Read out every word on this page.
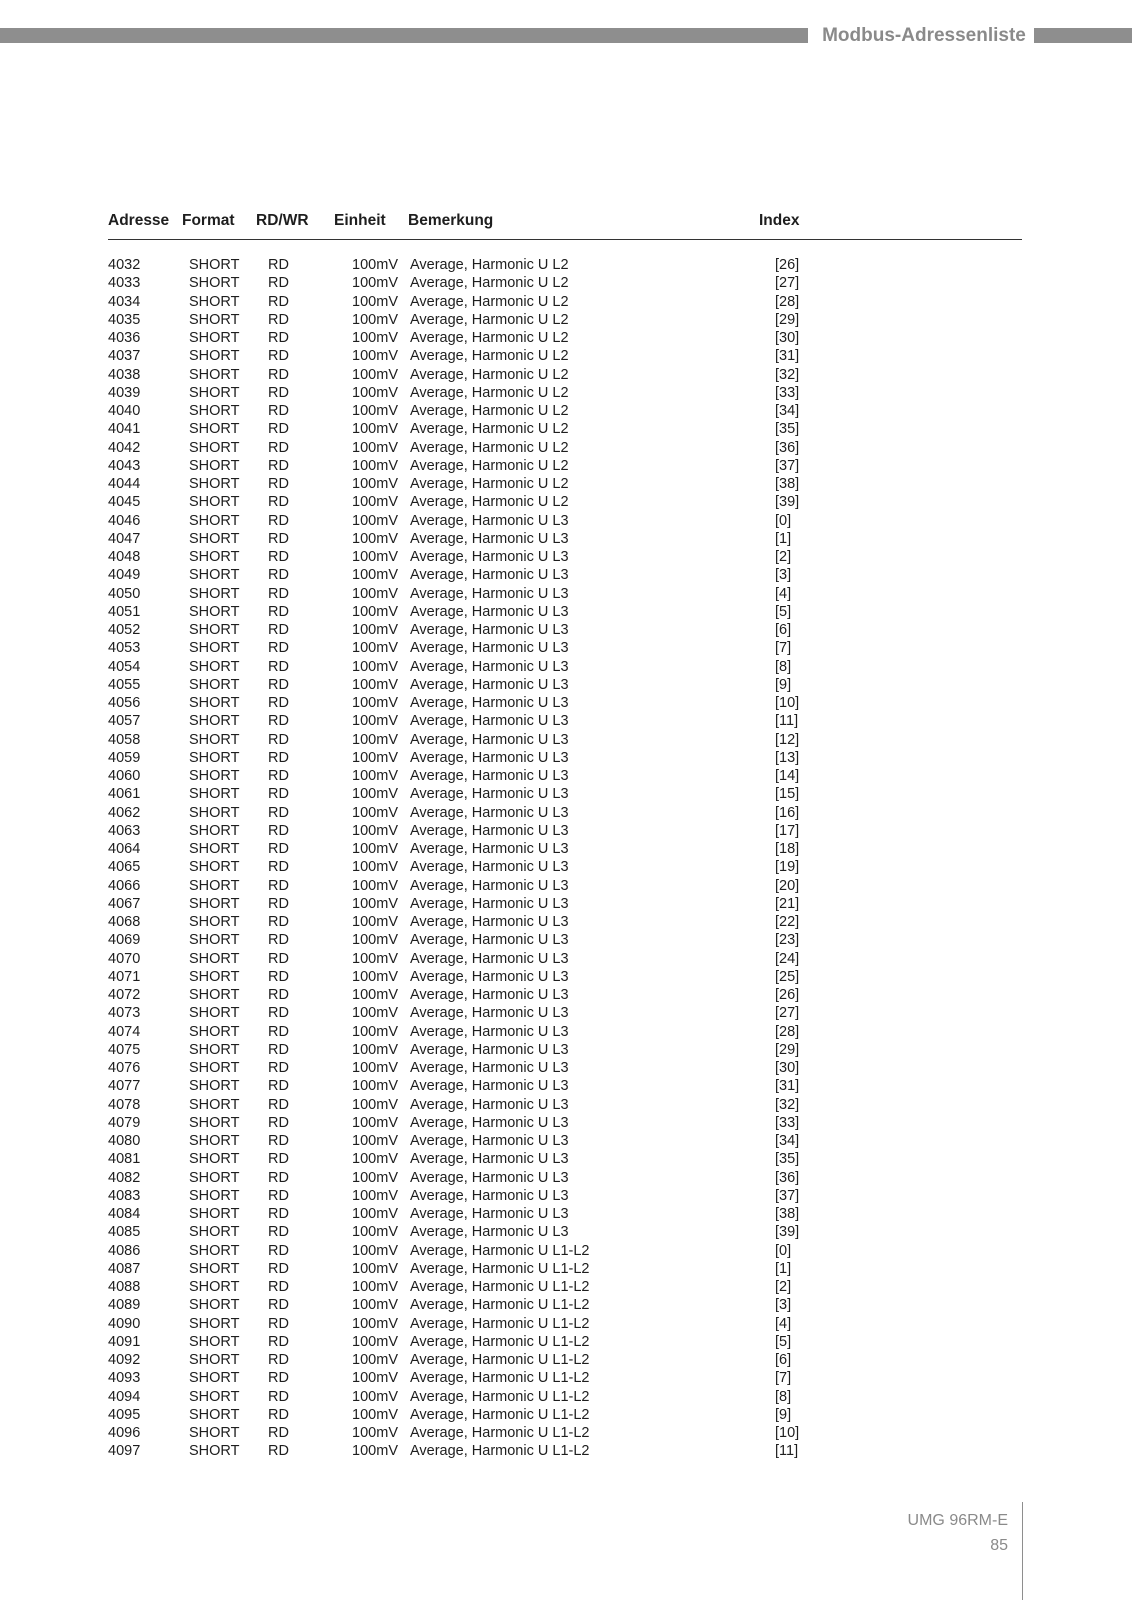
Modbus-Adressenliste
Adresse Format RD/WR Einheit Bemerkung	Index
4032	SHORT RD	100mV Average, Harmonic U L2	[26]
4033	SHORT RD	100mV Average, Harmonic U L2	[27]
4034	SHORT RD	100mV Average, Harmonic U L2	[28]
4035	SHORT RD	100mV Average, Harmonic U L2	[29]
4036	SHORT RD	100mV Average, Harmonic U L2	[30]
4037	SHORT RD	100mV Average, Harmonic U L2	[31]
4038	SHORT RD	100mV Average, Harmonic U L2	[32]
4039	SHORT RD	100mV Average, Harmonic U L2	[33]
4040	SHORT RD	100mV Average, Harmonic U L2	[34]
4041	SHORT RD	100mV Average, Harmonic U L2	[35]
4042	SHORT RD	100mV Average, Harmonic U L2	[36]
4043	SHORT RD	100mV Average, Harmonic U L2	[37]
4044	SHORT RD	100mV Average, Harmonic U L2	[38]
4045	SHORT RD	100mV Average, Harmonic U L2	[39]
4046	SHORT RD	100mV Average, Harmonic U L3	[0]
4047	SHORT RD	100mV Average, Harmonic U L3	[1]
4048	SHORT RD	100mV Average, Harmonic U L3	[2]
4049	SHORT RD	100mV Average, Harmonic U L3	[3]
4050	SHORT RD	100mV Average, Harmonic U L3	[4]
4051	SHORT RD	100mV Average, Harmonic U L3	[5]
4052	SHORT RD	100mV Average, Harmonic U L3	[6]
4053	SHORT RD	100mV Average, Harmonic U L3	[7]
4054	SHORT RD	100mV Average, Harmonic U L3	[8]
4055	SHORT RD	100mV Average, Harmonic U L3	[9]
4056	SHORT RD	100mV Average, Harmonic U L3	[10]
4057	SHORT RD	100mV Average, Harmonic U L3	[11]
4058	SHORT RD	100mV Average, Harmonic U L3	[12]
4059	SHORT RD	100mV Average, Harmonic U L3	[13]
4060	SHORT RD	100mV Average, Harmonic U L3	[14]
4061	SHORT RD	100mV Average, Harmonic U L3	[15]
4062	SHORT RD	100mV Average, Harmonic U L3	[16]
4063	SHORT RD	100mV Average, Harmonic U L3	[17]
4064	SHORT RD	100mV Average, Harmonic U L3	[18]
4065	SHORT RD	100mV Average, Harmonic U L3	[19]
4066	SHORT RD	100mV Average, Harmonic U L3	[20]
4067	SHORT RD	100mV Average, Harmonic U L3	[21]
4068	SHORT RD	100mV Average, Harmonic U L3	[22]
4069	SHORT RD	100mV Average, Harmonic U L3	[23]
4070	SHORT RD	100mV Average, Harmonic U L3	[24]
4071	SHORT RD	100mV Average, Harmonic U L3	[25]
4072	SHORT RD	100mV Average, Harmonic U L3	[26]
4073	SHORT RD	100mV Average, Harmonic U L3	[27]
4074	SHORT RD	100mV Average, Harmonic U L3	[28]
4075	SHORT RD	100mV Average, Harmonic U L3	[29]
4076	SHORT RD	100mV Average, Harmonic U L3	[30]
4077	SHORT RD	100mV Average, Harmonic U L3	[31]
4078	SHORT RD	100mV Average, Harmonic U L3	[32]
4079	SHORT RD	100mV Average, Harmonic U L3	[33]
4080	SHORT RD	100mV Average, Harmonic U L3	[34]
4081	SHORT RD	100mV Average, Harmonic U L3	[35]
4082	SHORT RD	100mV Average, Harmonic U L3	[36]
4083	SHORT RD	100mV Average, Harmonic U L3	[37]
4084	SHORT RD	100mV Average, Harmonic U L3	[38]
4085	SHORT RD	100mV Average, Harmonic U L3	[39]
4086	SHORT RD	100mV Average, Harmonic U L1-L2	[0]
4087	SHORT RD	100mV Average, Harmonic U L1-L2	[1]
4088	SHORT RD	100mV Average, Harmonic U L1-L2	[2]
4089	SHORT RD	100mV Average, Harmonic U L1-L2	[3]
4090	SHORT RD	100mV Average, Harmonic U L1-L2	[4]
4091	SHORT RD	100mV Average, Harmonic U L1-L2	[5]
4092	SHORT RD	100mV Average, Harmonic U L1-L2	[6]
4093	SHORT RD	100mV Average, Harmonic U L1-L2	[7]
4094	SHORT RD	100mV Average, Harmonic U L1-L2	[8]
4095	SHORT RD	100mV Average, Harmonic U L1-L2	[9]
4096	SHORT RD	100mV Average, Harmonic U L1-L2	[10]
4097	SHORT RD	100mV Average, Harmonic U L1-L2	[11]
UMG 96RM-E
85
